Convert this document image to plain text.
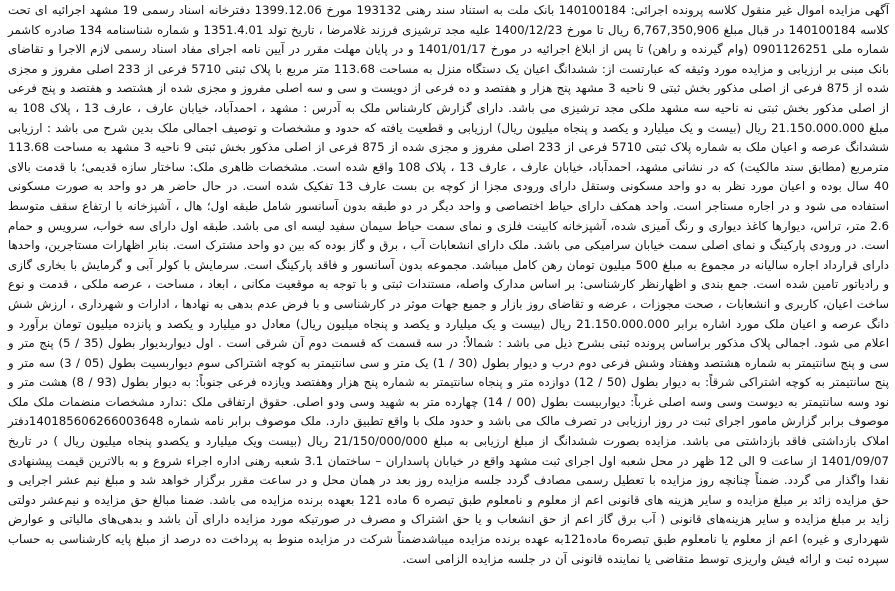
آگهی مزایده اموال غیر منقول کلاسه پرونده اجرائی: 140100184 بانک ملت به استناد سند رهنی 193132 مورخ 1399.12.06 دفترخانه اسناد رسمی 19 مشهد اجرائیه ای تحت کلاسه 140100184 در قبال مبلغ 6,767,350,906 ریال تا مورخ 1400/12/23 علیه مجد ترشیزی فرزند غلامرضا ، تاریخ تولد 1351.4.01 و شماره شناسنامه 134 صادره کاشمر شماره ملی 0901126251 (وام گیرنده و راهن) تا پس از ابلاغ اجرائیه در مورخ 1401/01/17 و در پایان مهلت مقرر در آیین نامه اجرای مفاد اسناد رسمی لازم الاجرا و تقاضای بانک مبنی بر ارزیابی و مزایده مورد وثیقه که عبارتست از: ششدانگ اعیان یک دستگاه منزل به مساحت 113.68 متر مربع با پلاک ثبتی 5710 فرعی از 233 اصلی مفروز و مجزی شده از 875 فرعی از اصلی مذکور بخش ثبتی 9 ناحیه 3 مشهد پنج هزار و هفتصد و ده فرعی از دویست و سی و سه اصلی مفروز و مجزی شده از هشتصد و هفتصد و پنج فرعی از اصلی مذکور بخش ثبتی نه ناحیه سه مشهد ملکی مجد ترشیزی می باشد. دارای گزارش کارشناس ملک به آدرس : مشهد ، احمدآباد، خیابان عارف ، عارف 13 ، پلاک 108 به مبلغ 21.150.000.000 ریال (بیست و یک میلیارد و یکصد و پنجاه میلیون ریال) ارزیابی و قطعیت یافته که حدود و مشخصات و توصیف اجمالی ملک بدین شرح می باشد : ارزیابی ششدانگ عرصه و اعیان ملک به شماره پلاک ثبتی 5710 فرعی از 233 اصلی مفروز و مجزی شده از 875 فرعی از اصلی مذکور بخش ثبتی 9 ناحیه 3 مشهد به مساحت 113.68 مترمربع (مطابق سند مالکیت) که در نشانی مشهد، احمدآباد، خیابان عارف ، عارف 13 ، پلاک 108 واقع شده است. مشخصات ظاهری ملک: ساختار سازه قدیمی؛ با قدمت بالای 40 سال بوده و اعیان مورد نظر به دو واحد مسکونی وستقل دارای ورودی مجزا از کوچه بن بست عارف 13 تفکیک شده است. در حال حاضر هر دو واحد به صورت مسکونی استفاده می شود و در اجاره مستاجر است. واحد همکف دارای حیاط اختصاصی و واحد دیگر در دو طبقه بدون آسانسور شامل طبقه اول؛ هال ، آشپزخانه با ارتفاع سقف متوسط 2.6 متر، تراس، دیوارها کاغذ دیواری و رنگ آمیزی شده، آشپزخانه کابینت فلزی و نمای سمت حیاط سیمان سفید لیسه ای می باشد. طبقه اول دارای سه خواب، سرویس و حمام است. در ورودی پارکینگ و نمای اصلی سمت خیابان سرامیکی می باشد. ملک دارای انشعابات آب ، برق و گاز بوده که بین دو واحد مشترک است. بنابر اظهارات مستاجرین، واحدها دارای قرارداد اجاره سالیانه در مجموع به مبلغ 500 میلیون تومان رهن کامل میباشد. مجموعه بدون آسانسور و فاقد پارکینگ است. سرمایش با کولر آبی و گرمایش با بخاری گازی و رادیاتور تامین شده است. جمع بندی و اظهارنظر کارشناسی: بر اساس مدارک واصله، مستندات ثبتی و با توجه به موقعیت مکانی ، ابعاد ، مساحت ، عرصه ملکی ، قدمت و نوع ساخت اعیان، کاربری و انشعابات ، صحت مجوزات ، عرضه و تقاضای روز بازار و جمیع جهات موثر در کارشناسی و با فرض عدم بدهی به نهادها ، ادارات و شهرداری ، ارزش شش دانگ عرصه و اعیان ملک مورد اشاره برابر 21.150.000.000 ریال (بیست و یک میلیارد و یکصد و پنجاه میلیون ریال) معادل دو میلیارد و یکصد و پانزده میلیون تومان برآورد و اعلام می شود. اجمالی پلاک مذکور براساس پرونده ثبتی بشرح ذیل می باشد : شمالاً: در سه قسمت که قسمت دوم آن شرقی است . اول دیواربدیوار بطول (35 / 5) پنج متر و سی و پنج سانتیمتر به شماره هشتصد وهفتاد وشش فرعی دوم درب و دیوار بطول (30 / 1) یک متر و سی سانتیمتر به کوچه اشتراکی سوم دیواربسیت بطول (05 / 3) سه متر و پنج سانتیمتر به کوچه اشتراکی شرقاً: به دیوار بطول (50 / 12) دوازده متر و پنجاه سانتیمتر به شماره پنج هزار وهفتصد ویازده فرعی جنوباً: به دیوار بطول (93 / 8) هشت متر و نود وسه سانتیمتر به دیوست وسی وسه اصلی غرباً: دیواربیست بطول (00 / 14) چهارده متر به شهید وسی ودو اصلی. حقوق ارتفاقی ملک :ندارد مشخصات منضمات ملک ملک موصوف برابر گزارش مامور اجرای ثبت در روز ارزیابی در تصرف مالک می باشد و حدود ملک با واقع تطبیق دارد. ملک موصوف برابر نامه شماره 140185606266003648دفتر املاک بازداشتی فاقد بازداشتی می باشد. مزایده بصورت ششدانگ از مبلغ ارزیابی به مبلغ 21/150/000/000 ریال (بیست ویک میلیارد و یکصدو پنجاه میلیون ریال ) در تاریخ 1401/09/07 از ساعت 9 الی 12 ظهر در محل شعبه اول اجرای ثبت مشهد واقع در خیابان پاسداران – ساختمان 3.1 شعبه رهنی اداره اجراء شروع و به بالاترین قیمت پیشنهادی نقدا واگذار می گردد. ضمناً چنانچه روز مزایده با تعطیل رسمی مصادف گردد جلسه مزایده روز بعد در همان محل و در ساعت مقرر برگزار خواهد شد و مبلغ نیم عشر اجرایی و حق مزایده زائد بر مبلغ مزایده و سایر هزینه های قانونی اعم از معلوم و نامعلوم طبق تبصره 6 ماده 121 بعهده برنده مزایده می باشد. ضمنا مبالغ حق مزایده و نیم‌عشر دولتی زاید بر مبلغ مزایده و سایر هزینه‌های قانونی ( آب برق گاز اعم از حق انشعاب و یا حق اشتراک و مصرف در صورتیکه مورد مزایده دارای آن باشد و بدهی‌های مالیاتی و عوارض شهرداری و غیره) اعم از معلوم یا نامعلوم طبق تبصره6 ماده121به عهده برنده مزایده میباشدضمناً شرکت در مزایده منوط به پرداخت ده درصد از مبلغ پایه کارشناسی به حساب سپرده ثبت و ارائه فیش واریزی توسط متقاضی یا نماینده قانونی آن در جلسه مزایده الزامی است.
